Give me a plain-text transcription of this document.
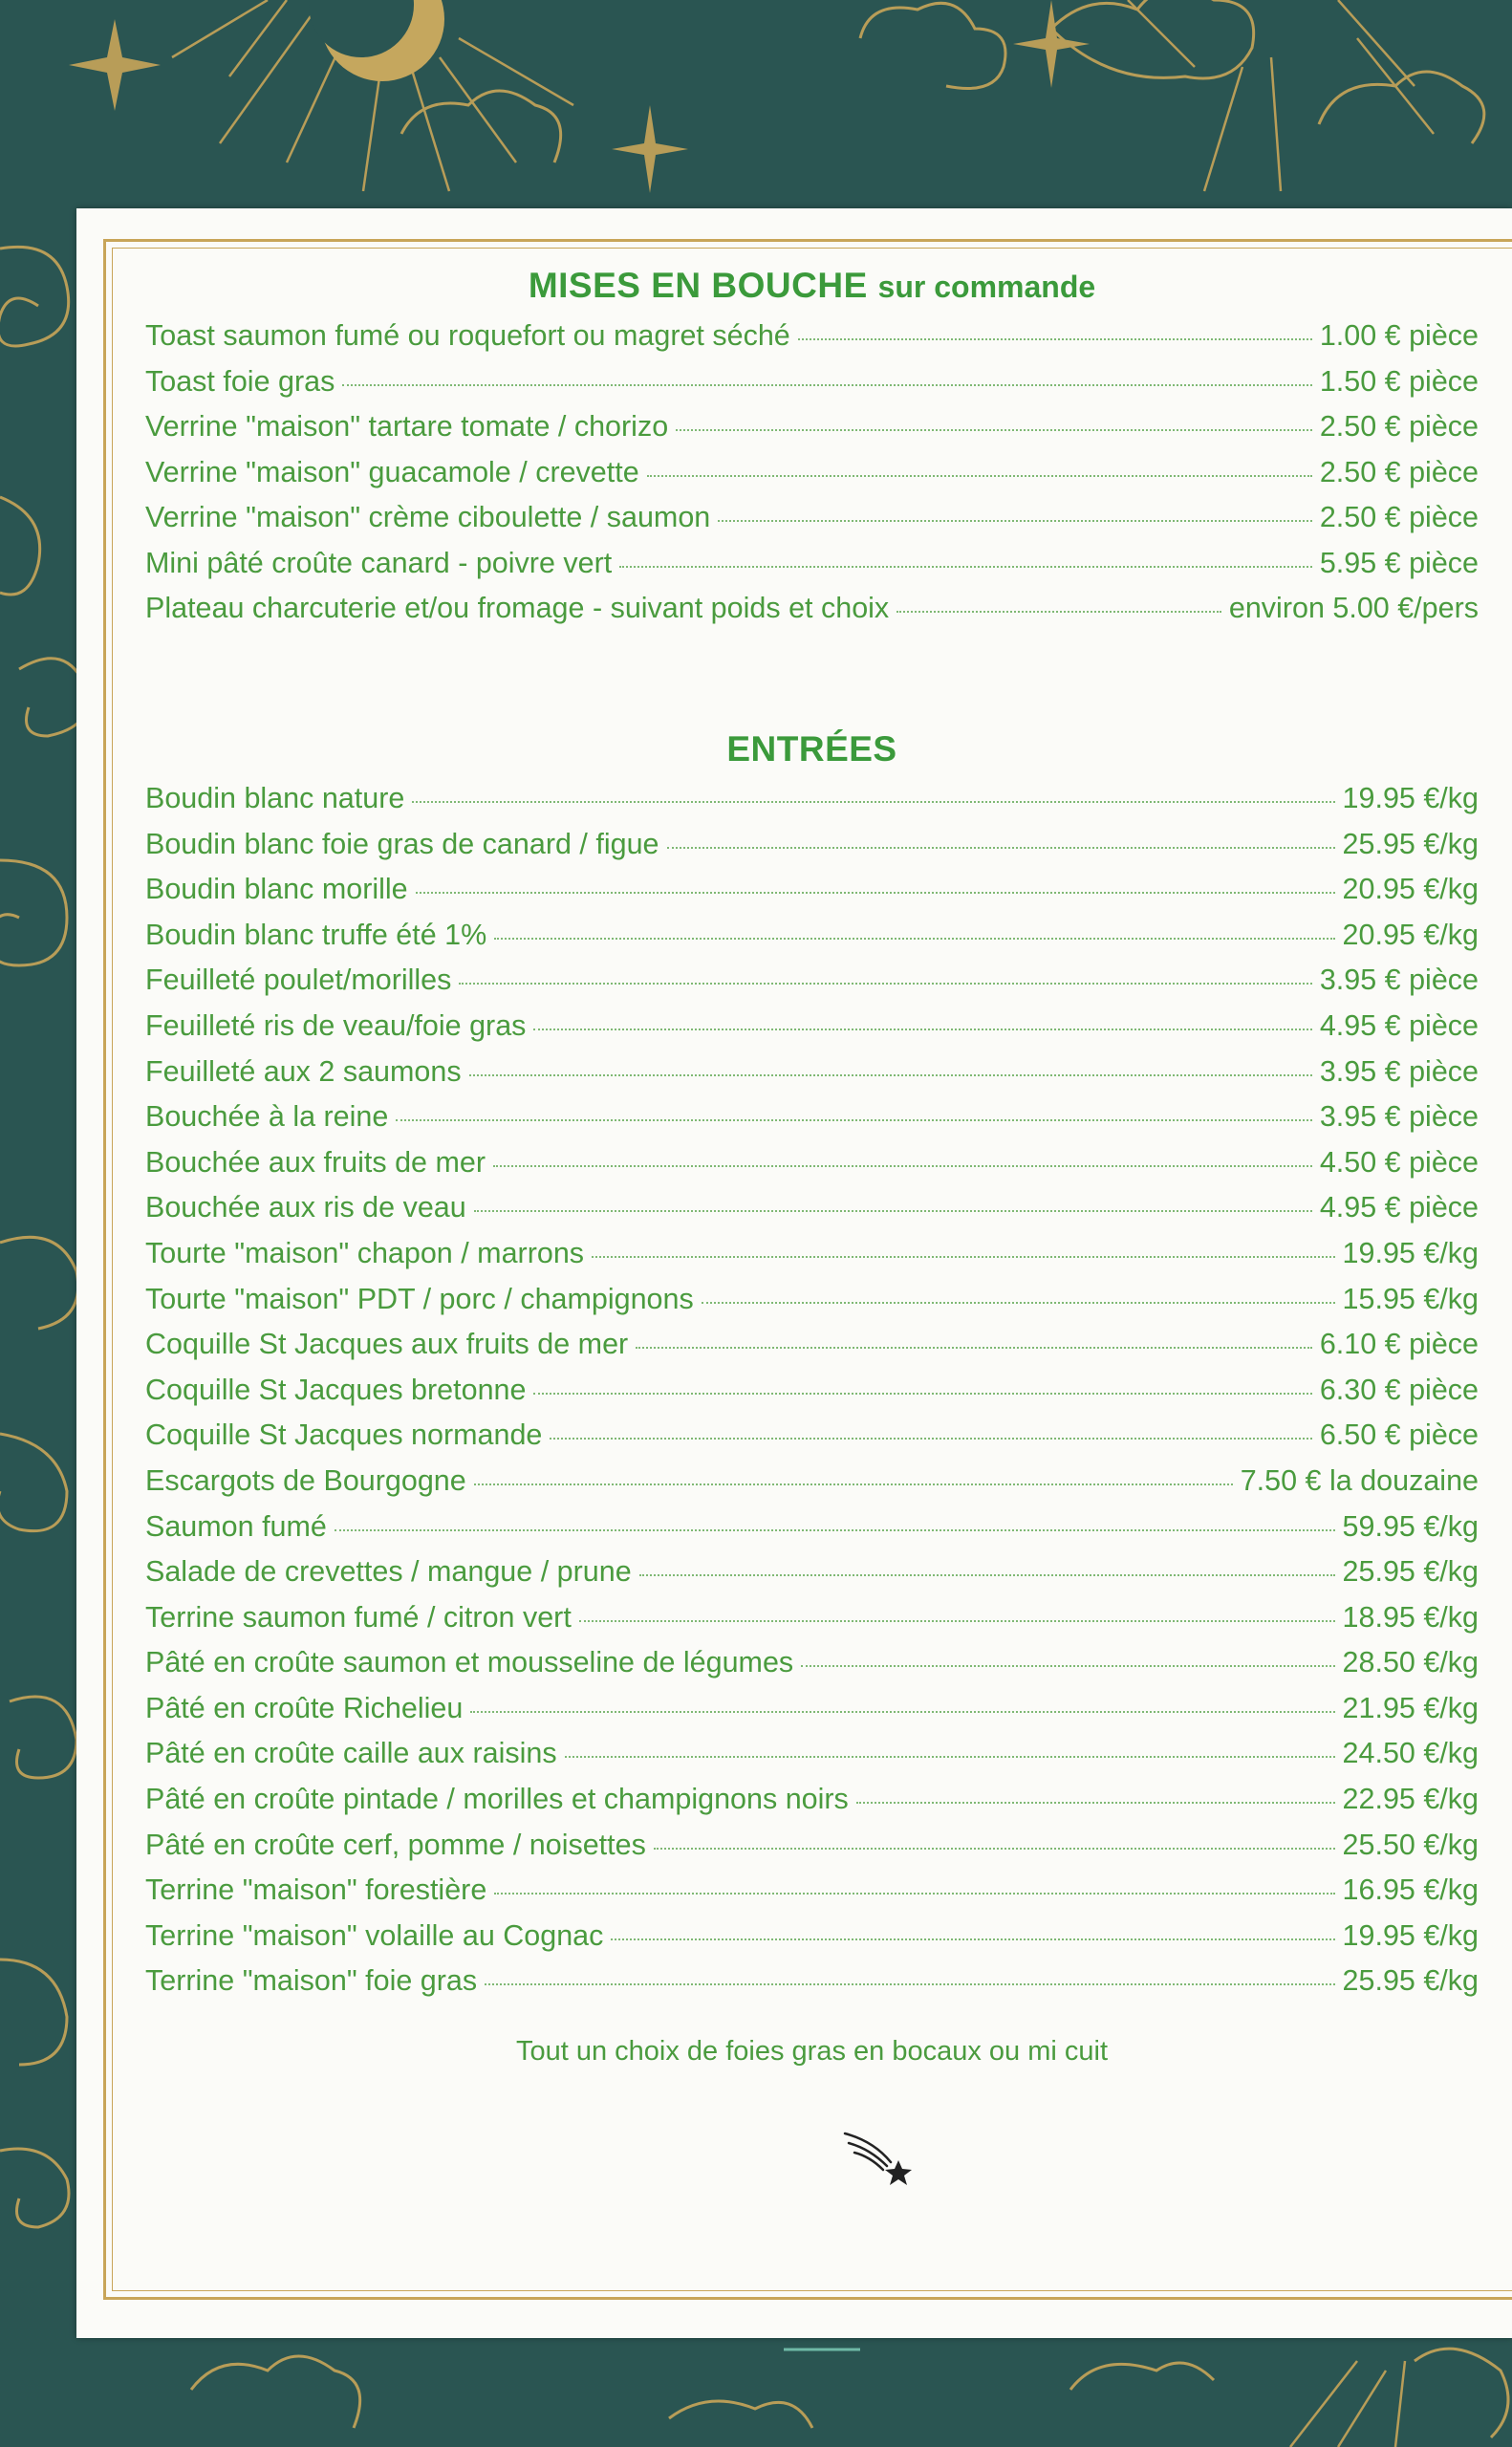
MISES EN BOUCHE sur commande
Toast saumon fumé ou roquefort ou magret séché	1.00 € pièce
Toast foie gras	1.50 € pièce
Verrine "maison" tartare tomate / chorizo	2.50 € pièce
Verrine "maison" guacamole / crevette	2.50 € pièce
Verrine "maison" crème ciboulette / saumon	2.50 € pièce
Mini pâté croûte canard - poivre vert	5.95 € pièce
Plateau charcuterie et/ou fromage - suivant poids et choix	environ 5.00 €/pers
ENTRÉES
Boudin blanc nature	19.95 €/kg
Boudin blanc foie gras de canard / figue	25.95 €/kg
Boudin blanc morille	20.95 €/kg
Boudin blanc truffe été 1%	20.95 €/kg
Feuilleté poulet/morilles	3.95 € pièce
Feuilleté ris de veau/foie gras	4.95 € pièce
Feuilleté aux 2 saumons	3.95 € pièce
Bouchée à la reine	3.95 € pièce
Bouchée aux fruits de mer	4.50 € pièce
Bouchée aux ris de veau	4.95 € pièce
Tourte "maison" chapon / marrons	19.95 €/kg
Tourte "maison" PDT / porc / champignons	15.95 €/kg
Coquille St Jacques aux fruits de mer	6.10 € pièce
Coquille St Jacques bretonne	6.30 € pièce
Coquille St Jacques normande	6.50 € pièce
Escargots de Bourgogne	7.50 € la douzaine
Saumon fumé	59.95 €/kg
Salade de crevettes / mangue / prune	25.95 €/kg
Terrine saumon fumé / citron vert	18.95 €/kg
Pâté en croûte saumon et mousseline de légumes	28.50 €/kg
Pâté en croûte Richelieu	21.95 €/kg
Pâté en croûte caille aux raisins	24.50 €/kg
Pâté en croûte pintade / morilles et champignons noirs	22.95 €/kg
Pâté en croûte cerf, pomme / noisettes	25.50 €/kg
Terrine "maison" forestière	16.95 €/kg
Terrine "maison" volaille au Cognac	19.95 €/kg
Terrine "maison" foie gras	25.95 €/kg
Tout un choix de foies gras en bocaux ou mi cuit
